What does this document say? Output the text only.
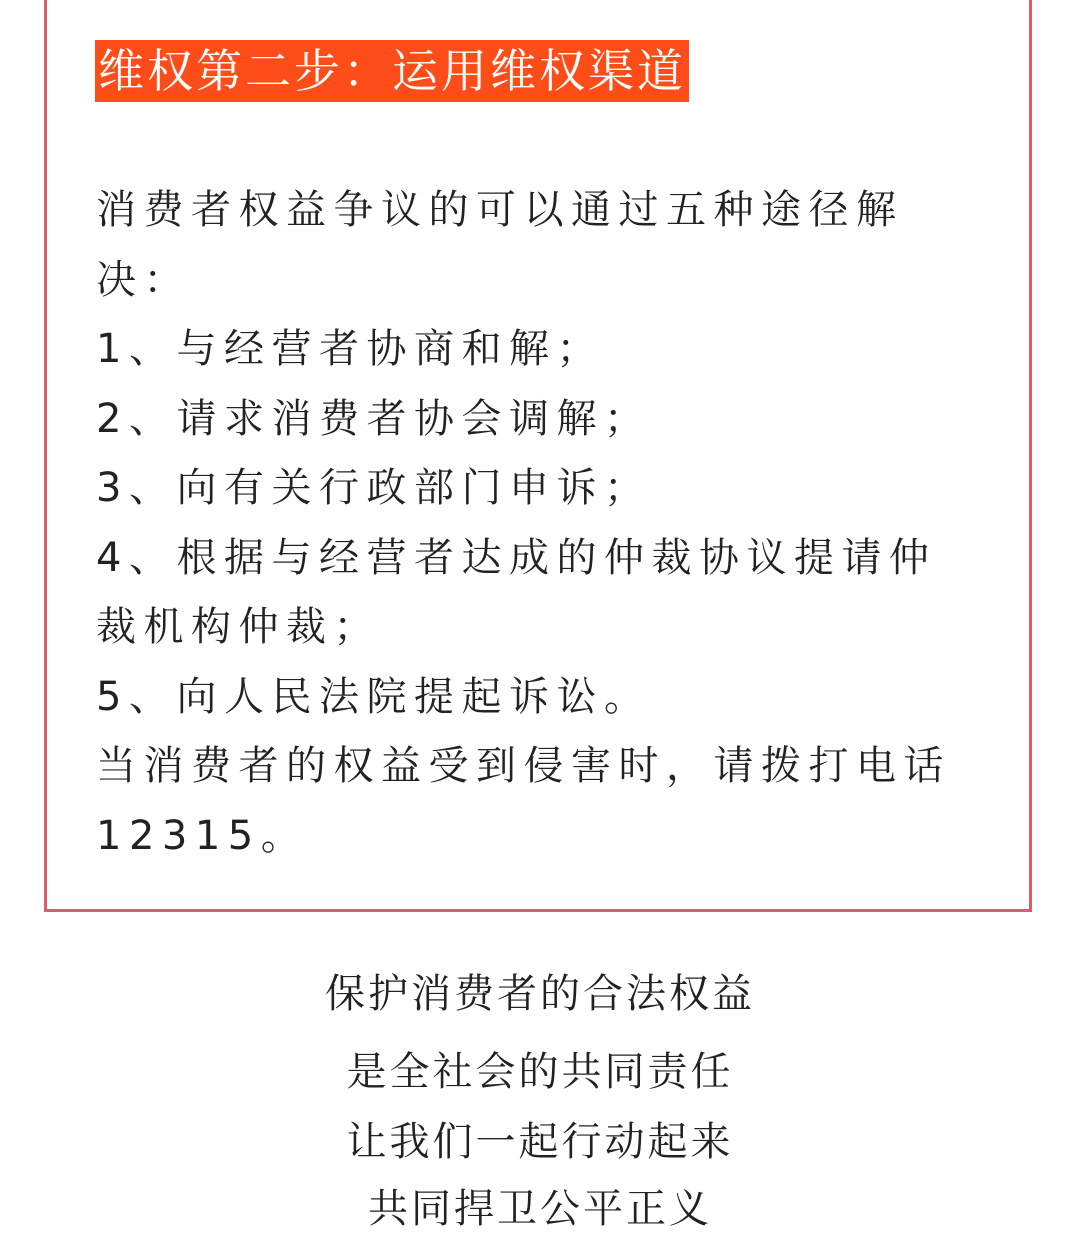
维权第二步：运用维权渠道
消费者权益争议的可以通过五种途径解
决：
1、与经营者协商和解；
2、请求消费者协会调解；
3、向有关行政部门申诉；
4、根据与经营者达成的仲裁协议提请仲
裁机构仲裁；
5、向人民法院提起诉讼。
当消费者的权益受到侵害时，请拨打电话
12315。
保护消费者的合法权益
是全社会的共同责任
让我们一起行动起来
共同捍卫公平正义
